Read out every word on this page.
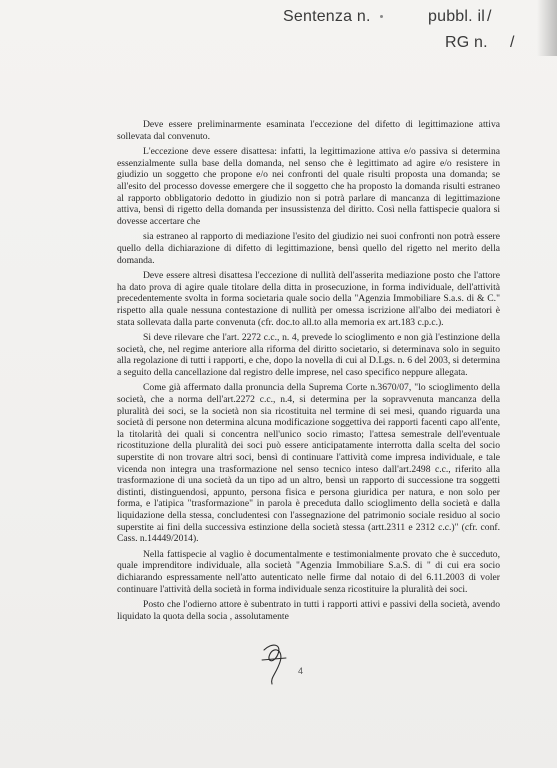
Sentenza n.	pubbl. il /
RG n. /

Deve essere preliminarmente esaminata l'eccezione del difetto di legittimazione attiva sollevata dal convenuto.

L'eccezione deve essere disattesa: infatti, la legittimazione attiva e/o passiva si determina essenzialmente sulla base della domanda, nel senso che è legittimato ad agire e/o resistere in giudizio un soggetto che propone e/o nei confronti del quale risulti proposta una domanda; se all'esito del processo dovesse emergere che il soggetto che ha proposto la domanda risulti estraneo al rapporto obbligatorio dedotto in giudizio non si potrà parlare di mancanza di legittimazione attiva, bensì di rigetto della domanda per insussistenza del diritto. Così nella fattispecie qualora si dovesse accertare che

sia estraneo al rapporto di mediazione l'esito del giudizio nei suoi confronti non potrà essere quello della dichiarazione di difetto di legittimazione, bensì quello del rigetto nel merito della domanda.

Deve essere altresì disattesa l'eccezione di nullità dell'asserita mediazione posto che l'attore ha dato prova di agire quale titolare della ditta in prosecuzione, in forma individuale, dell'attività precedentemente svolta in forma societaria quale socio della "Agenzia Immobiliare S.a.s. di & C." rispetto alla quale nessuna contestazione di nullità per omessa iscrizione all'albo dei mediatori è stata sollevata dalla parte convenuta (cfr. doc.to all.to alla memoria ex art.183 c.p.c.).

Si deve rilevare che l'art. 2272 c.c., n. 4, prevede lo scioglimento e non già l'estinzione della società, che, nel regime anteriore alla riforma del diritto societario, si determinava solo in seguito alla regolazione di tutti i rapporti, e che, dopo la novella di cui al D.Lgs. n. 6 del 2003, si determina a seguito della cancellazione dal registro delle imprese, nel caso specifico neppure allegata.

Come già affermato dalla pronuncia della Suprema Corte n.3670/07, "lo scioglimento della società, che a norma dell'art.2272 c.c., n.4, si determina per la sopravvenuta mancanza della pluralità dei soci, se la società non sia ricostituita nel termine di sei mesi, quando riguarda una società di persone non determina alcuna modificazione soggettiva dei rapporti facenti capo all'ente, la titolarità dei quali si concentra nell'unico socio rimasto; l'attesa semestrale dell'eventuale ricostituzione della pluralità dei soci può essere anticipatamente interrotta dalla scelta del socio superstite di non trovare altri soci, bensì di continuare l'attività come impresa individuale, e tale vicenda non integra una trasformazione nel senso tecnico inteso dall'art.2498 c.c., riferito alla trasformazione di una società da un tipo ad un altro, bensì un rapporto di successione tra soggetti distinti, distinguendosi, appunto, persona fisica e persona giuridica per natura, e non solo per forma, e l'atipica "trasformazione" in parola è preceduta dallo scioglimento della società e dalla liquidazione della stessa, concludentesi con l'assegnazione del patrimonio sociale residuo al socio superstite ai fini della successiva estinzione della società stessa (artt.2311 e 2312 c.c.)" (cfr. conf. Cass. n.14449/2014).

Nella fattispecie al vaglio è documentalmente e testimonialmente provato che è succeduto, quale imprenditore individuale, alla società "Agenzia Immobiliare S.a.S. di " di cui era socio dichiarando espressamente nell'atto autenticato nelle firme dal notaio di del 6.11.2003 di voler continuare l'attività della società in forma individuale senza ricostituire la pluralità dei soci.

Posto che l'odierno attore è subentrato in tutti i rapporti attivi e passivi della società, avendo liquidato la quota della socia , assolutamente

4
